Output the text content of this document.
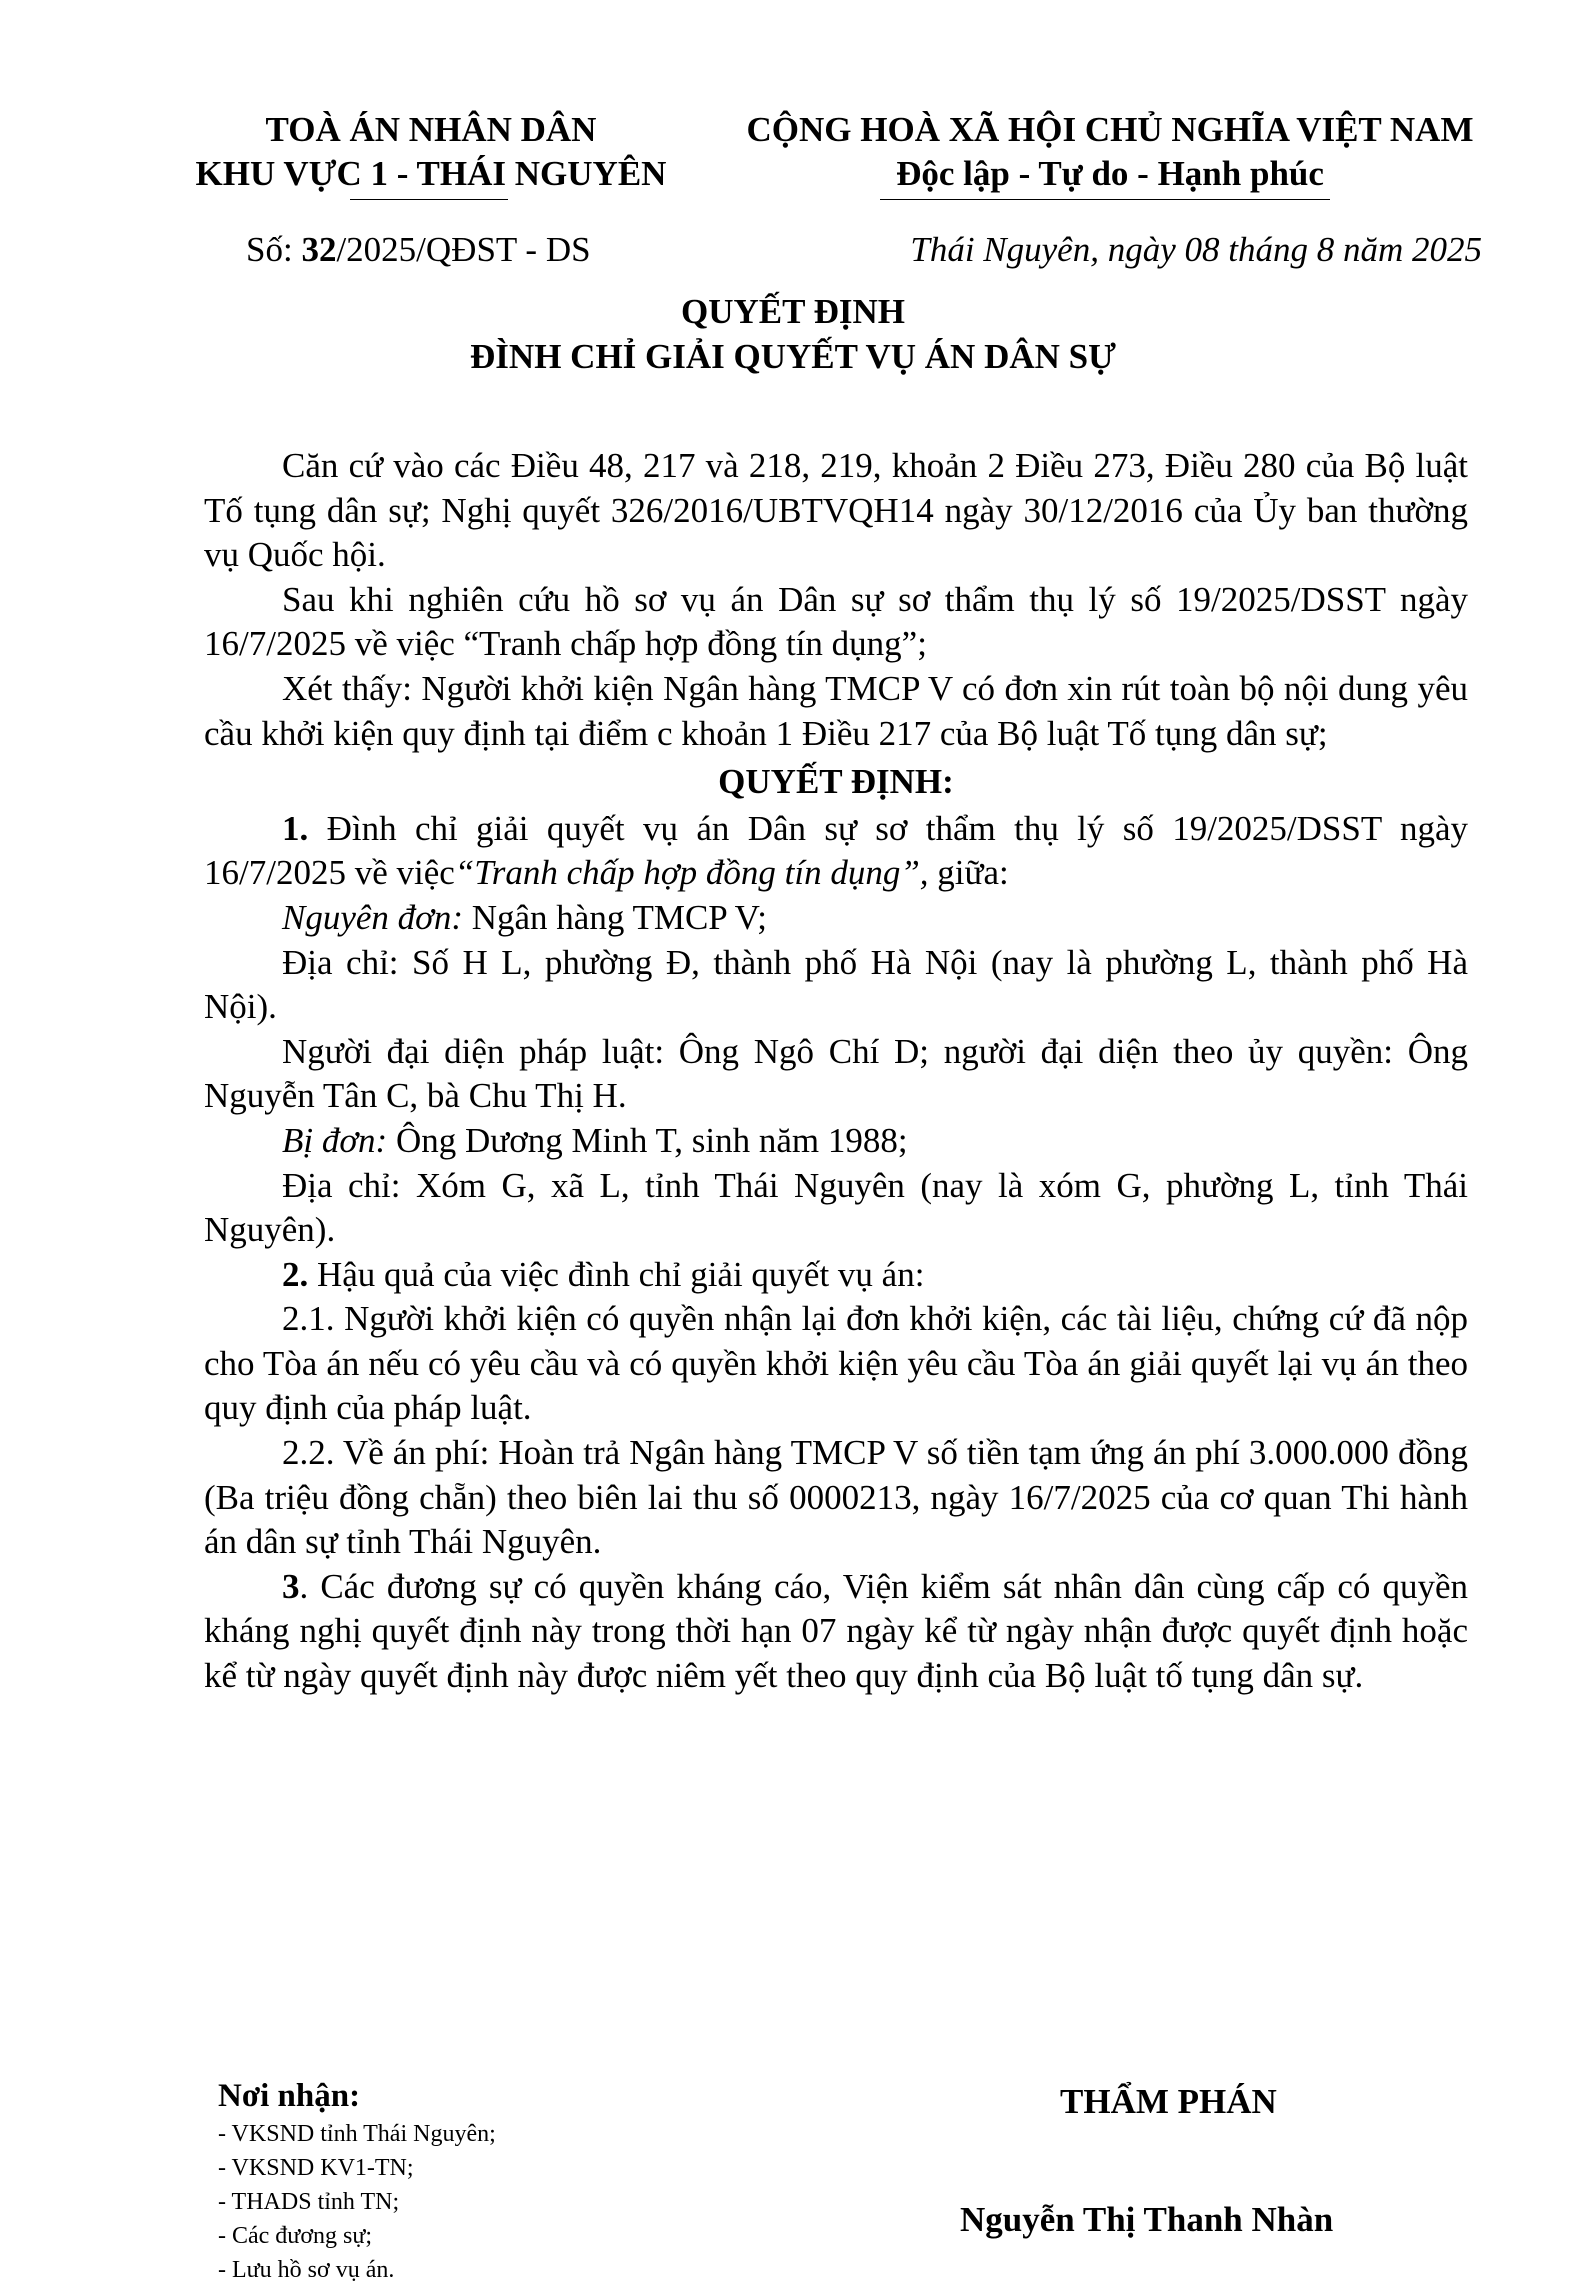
TOÀ ÁN NHÂN DÂN
KHU VỰC 1 - THÁI NGUYÊN
CỘNG HOÀ XÃ HỘI CHỦ NGHĨA VIỆT NAM
Độc lập - Tự do - Hạnh phúc
Số: 32/2025/QĐST - DS	Thái Nguyên, ngày 08 tháng 8 năm 2025
QUYẾT ĐỊNH
ĐÌNH CHỈ GIẢI QUYẾT VỤ ÁN DÂN SỰ

Căn cứ vào các Điều 48, 217 và 218, 219, khoản 2 Điều 273, Điều 280 của Bộ luật Tố tụng dân sự; Nghị quyết 326/2016/UBTVQH14 ngày 30/12/2016 của Ủy ban thường vụ Quốc hội.

Sau khi nghiên cứu hồ sơ vụ án Dân sự sơ thẩm thụ lý số 19/2025/DSST ngày 16/7/2025 về việc “Tranh chấp hợp đồng tín dụng”;

Xét thấy: Người khởi kiện Ngân hàng TMCP V có đơn xin rút toàn bộ nội dung yêu cầu khởi kiện quy định tại điểm c khoản 1 Điều 217 của Bộ luật Tố tụng dân sự;

QUYẾT ĐỊNH:

1. Đình chỉ giải quyết vụ án Dân sự sơ thẩm thụ lý số 19/2025/DSST ngày 16/7/2025 về việc“Tranh chấp hợp đồng tín dụng”, giữa:

Nguyên đơn: Ngân hàng TMCP V;

Địa chỉ: Số H L, phường Đ, thành phố Hà Nội (nay là phường L, thành phố Hà Nội).

Người đại diện pháp luật: Ông Ngô Chí D; người đại diện theo ủy quyền: Ông Nguyễn Tân C, bà Chu Thị H.

Bị đơn: Ông Dương Minh T, sinh năm 1988;

Địa chỉ: Xóm G, xã L, tỉnh Thái Nguyên (nay là xóm G, phường L, tỉnh Thái Nguyên).

2. Hậu quả của việc đình chỉ giải quyết vụ án:

2.1. Người khởi kiện có quyền nhận lại đơn khởi kiện, các tài liệu, chứng cứ đã nộp cho Tòa án nếu có yêu cầu và có quyền khởi kiện yêu cầu Tòa án giải quyết lại vụ án theo quy định của pháp luật.

2.2. Về án phí: Hoàn trả Ngân hàng TMCP V số tiền tạm ứng án phí 3.000.000 đồng (Ba triệu đồng chẵn) theo biên lai thu số 0000213, ngày 16/7/2025 của cơ quan Thi hành án dân sự tỉnh Thái Nguyên.

3. Các đương sự có quyền kháng cáo, Viện kiểm sát nhân dân cùng cấp có quyền kháng nghị quyết định này trong thời hạn 07 ngày kể từ ngày nhận được quyết định hoặc kể từ ngày quyết định này được niêm yết theo quy định của Bộ luật tố tụng dân sự.

Nơi nhận:
- VKSND tỉnh Thái Nguyên;
- VKSND KV1-TN;
- THADS tỉnh TN;
- Các đương sự;
- Lưu hồ sơ vụ án.
THẨM PHÁN
Nguyễn Thị Thanh Nhàn
